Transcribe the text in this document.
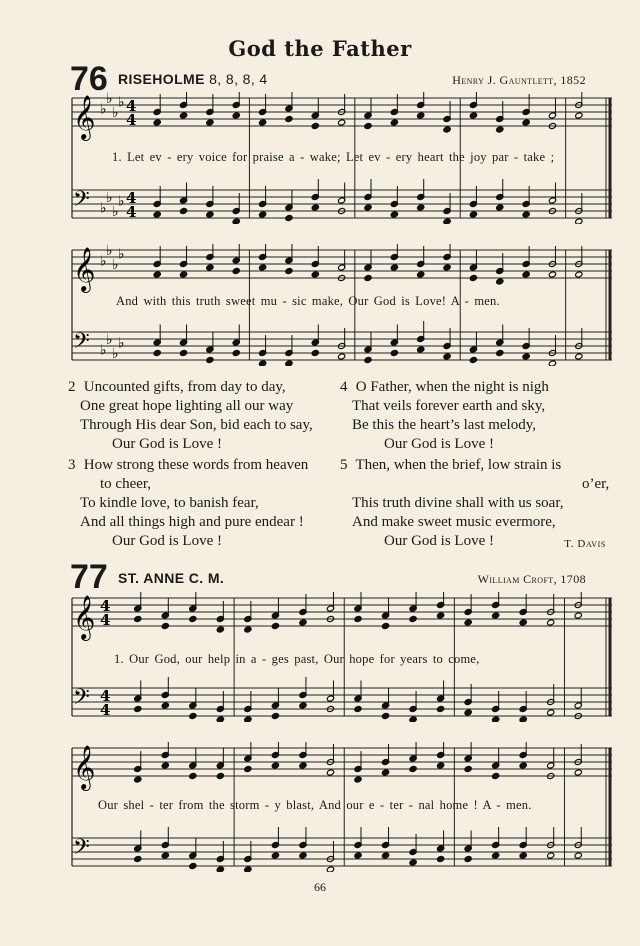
God the Father
76 RISEHOLME 8, 8, 8, 4	Henry J. Gauntlett, 1852
𝄞 ♭
♭
♭
♭ 4
4
𝄢 ♭
♭
♭
♭ 4
4
1. Let ev - ery voice for praise a - wake; Let ev - ery heart the joy par - take ;
𝄞 ♭
♭
♭
♭
𝄢 ♭
♭
♭
♭
And with this truth sweet mu - sic make, Our God is Love! A - men.
2 Uncounted gifts, from day to day,
One great hope lighting all our way
Through His dear Son, bid each to say,
Our God is Love !
3 How strong these words from heaven
to cheer,
To kindle love, to banish fear,
And all things high and pure endear !
Our God is Love !
4 O Father, when the night is nigh
That veils forever earth and sky,
Be this the heart’s last melody,
Our God is Love !
5 Then, when the brief, low strain is
o’er,
This truth divine shall with us soar,
And make sweet music evermore,
Our God is Love !	T. Davis
77 ST. ANNE C. M.	William Croft, 1708
𝄞 4
4
𝄢 4
4
1. Our God, our help in a - ges past, Our hope for years to come,
𝄞
𝄢
Our shel - ter from the storm - y blast, And our e - ter - nal home ! A - men.
66
